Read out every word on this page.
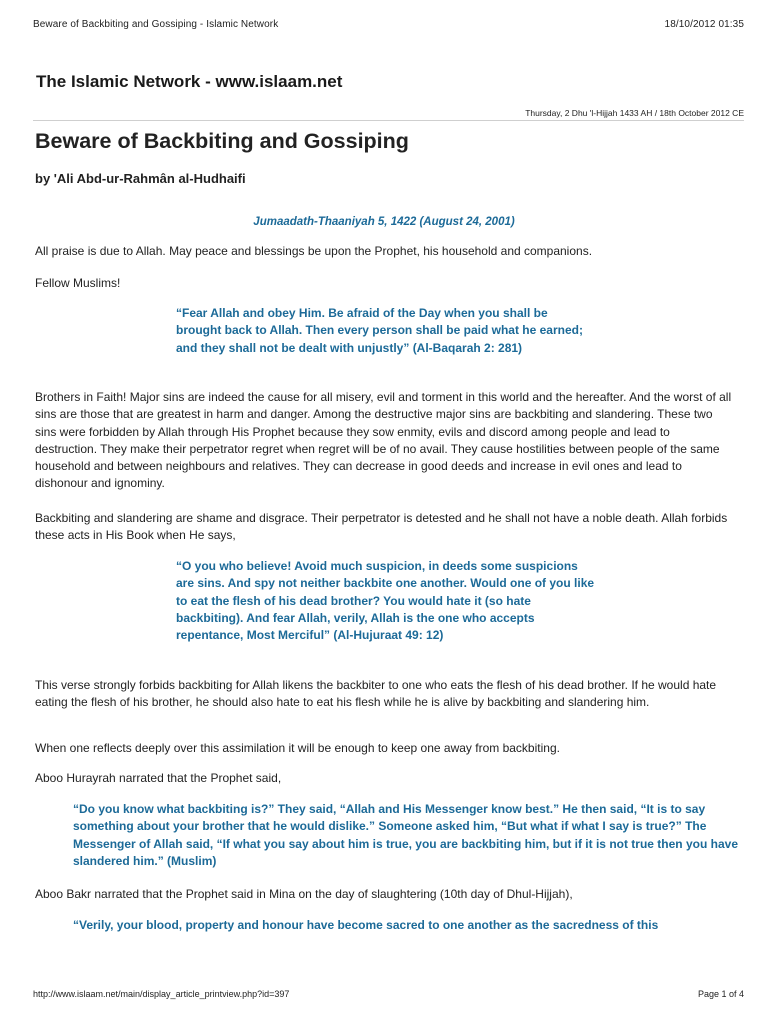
Beware of Backbiting and Gossiping - Islamic Network	18/10/2012 01:35
The Islamic Network - www.islaam.net
Thursday, 2 Dhu 'l-Hijjah 1433 AH / 18th October 2012 CE
Beware of Backbiting and Gossiping
by 'Ali Abd-ur-Rahmân al-Hudhaifi
Jumaadath-Thaaniyah 5, 1422 (August 24, 2001)
All praise is due to Allah. May peace and blessings be upon the Prophet, his household and companions.
Fellow Muslims!
“Fear Allah and obey Him. Be afraid of the Day when you shall be brought back to Allah. Then every person shall be paid what he earned; and they shall not be dealt with unjustly” (Al-Baqarah 2: 281)
Brothers in Faith! Major sins are indeed the cause for all misery, evil and torment in this world and the hereafter. And the worst of all sins are those that are greatest in harm and danger. Among the destructive major sins are backbiting and slandering. These two sins were forbidden by Allah through His Prophet because they sow enmity, evils and discord among people and lead to destruction. They make their perpetrator regret when regret will be of no avail. They cause hostilities between people of the same household and between neighbours and relatives. They can decrease in good deeds and increase in evil ones and lead to dishonour and ignominy.
Backbiting and slandering are shame and disgrace. Their perpetrator is detested and he shall not have a noble death. Allah forbids these acts in His Book when He says,
“O you who believe! Avoid much suspicion, in deeds some suspicions are sins. And spy not neither backbite one another. Would one of you like to eat the flesh of his dead brother? You would hate it (so hate backbiting). And fear Allah, verily, Allah is the one who accepts repentance, Most Merciful” (Al-Hujuraat 49: 12)
This verse strongly forbids backbiting for Allah likens the backbiter to one who eats the flesh of his dead brother. If he would hate eating the flesh of his brother, he should also hate to eat his flesh while he is alive by backbiting and slandering him.
When one reflects deeply over this assimilation it will be enough to keep one away from backbiting.
Aboo Hurayrah narrated that the Prophet said,
“Do you know what backbiting is?” They said, “Allah and His Messenger know best.” He then said, “It is to say something about your brother that he would dislike.” Someone asked him, “But what if what I say is true?” The Messenger of Allah said, “If what you say about him is true, you are backbiting him, but if it is not true then you have slandered him.” (Muslim)
Aboo Bakr narrated that the Prophet said in Mina on the day of slaughtering (10th day of Dhul-Hijjah),
“Verily, your blood, property and honour have become sacred to one another as the sacredness of this
http://www.islaam.net/main/display_article_printview.php?id=397	Page 1 of 4
